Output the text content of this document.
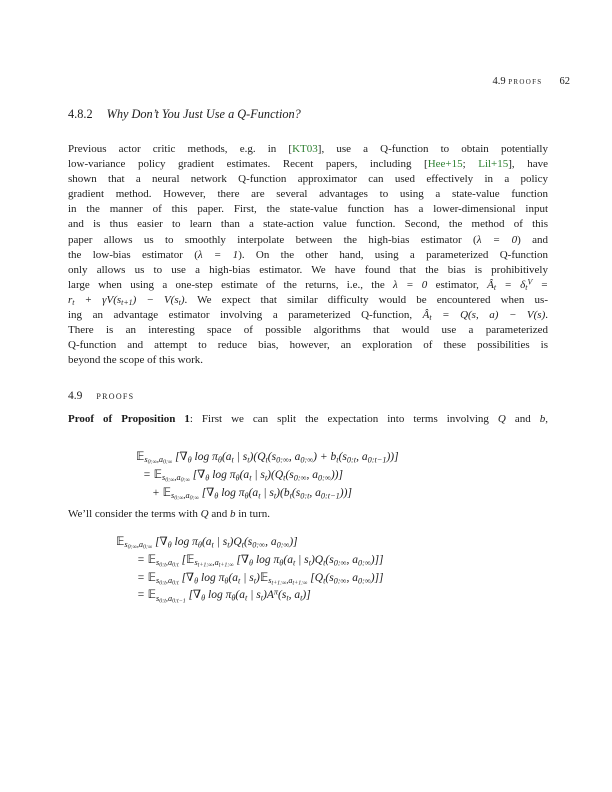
4.9 proofs 62
4.8.2 Why Don’t You Just Use a Q-Function?
Previous actor critic methods, e.g. in [KT03], use a Q-function to obtain potentially
low-variance policy gradient estimates. Recent papers, including [Hee+15; Lil+15], have
shown that a neural network Q-function approximator can used effectively in a policy
gradient method. However, there are several advantages to using a state-value function
in the manner of this paper. First, the state-value function has a lower-dimensional input
and is thus easier to learn than a state-action value function. Second, the method of this
paper allows us to smoothly interpolate between the high-bias estimator (λ = 0) and
the low-bias estimator (λ = 1). On the other hand, using a parameterized Q-function
only allows us to use a high-bias estimator. We have found that the bias is prohibitively
large when using a one-step estimate of the returns, i.e., the λ = 0 estimator, $Â_t = \delta_t^V$ =
$r_t + \gamma V(s_{t+1}) - V(s_t)$. We expect that similar difficulty would be encountered when us-
ing an advantage estimator involving a parameterized Q-function, $Â_t = Q(s$, a) − V(s).
There is an interesting space of possible algorithms that would use a parameterized
Q-function and attempt to reduce bias, however, an exploration of these possibilities is
beyond the scope of this work.
4.9 proofs
Proof of Proposition 1: First we can split the expectation into terms involving Q and b,
𝔼$_{s_{0:\infty},a_{0:\infty}}$ [$\nabla_\theta$ $\log \pi_\theta(a_t$ | $s_t)(Q_t(s_{0:\infty}$, $a_{0:\infty}) + b_t(s_{0:t}$, $a_{0:t-1}$))]
= 𝔼$_{s_{0:\infty},a_{0:\infty}}$ [$\nabla_\theta$ $\log \pi_\theta(a_t$ | $s_t)(Q_t(s_{0:\infty}$, $a_{0:\infty}$))]
+ 𝔼$_{s_{0:\infty},a_{0:\infty}}$ [$\nabla_\theta$ $\log \pi_\theta(a_t$ | $s_t)(b_t(s_{0:t}$, $a_{0:t-1}$))]
We’ll consider the terms with Q and b in turn.
𝔼$_{s_{0:\infty},a_{0:\infty}}$ [$\nabla_\theta$ $\log \pi_\theta(a_t$ | $s_t)Q_t(s_{0:\infty}$, $a_{0:\infty}$)]
= 𝔼$_{s_{0:t},a_{0:t}}$ [𝔼$_{s_{t+1:\infty},a_{t+1:\infty}}$ [$\nabla_\theta$ $\log \pi_\theta(a_t$ | $s_t)Q_t(s_{0:\infty}$, $a_{0:\infty}$)]]
= 𝔼$_{s_{0:t},a_{0:t}}$ [$\nabla_\theta$ $\log \pi_\theta(a_t$ | $s_t)𝔼_{s_{t+1:\infty},a_{t+1:\infty}}$ [$Q_t(s_{0:\infty}$, $a_{0:\infty}$)]]
= 𝔼$_{s_{0:t},a_{0:t-1}}$ [$\nabla_\theta$ $\log \pi_\theta(a_t$ | $s_t)A^\pi(s_t$, $a_t$)]
